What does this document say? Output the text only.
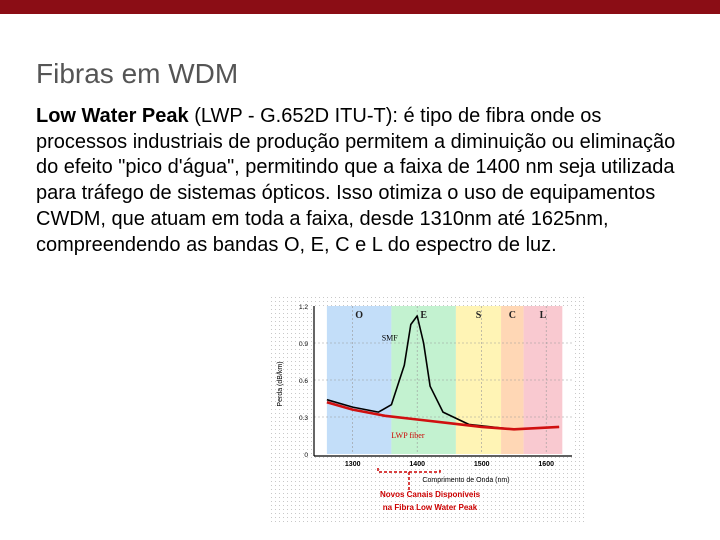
Fibras em WDM
Low Water Peak (LWP - G.652D ITU-T): é tipo de fibra onde os processos industriais de produção permitem a diminuição ou eliminação do efeito "pico d'água", permitindo que a faixa de 1400 nm seja utilizada para tráfego de sistemas ópticos. Isso otimiza o uso de equipamentos CWDM, que atuam em toda a faixa, desde 1310nm até 1625nm, compreendendo as bandas O, E, C e L do espectro de luz.
O	E	S	C L
SMF
LWP fiber
1.2
0.9
0.6
0.3
0
1300	1400	1500	1600
Perda (dB/km)
Comprimento de Onda (nm)
Novos Canais Disponíveis
na Fibra Low Water Peak
